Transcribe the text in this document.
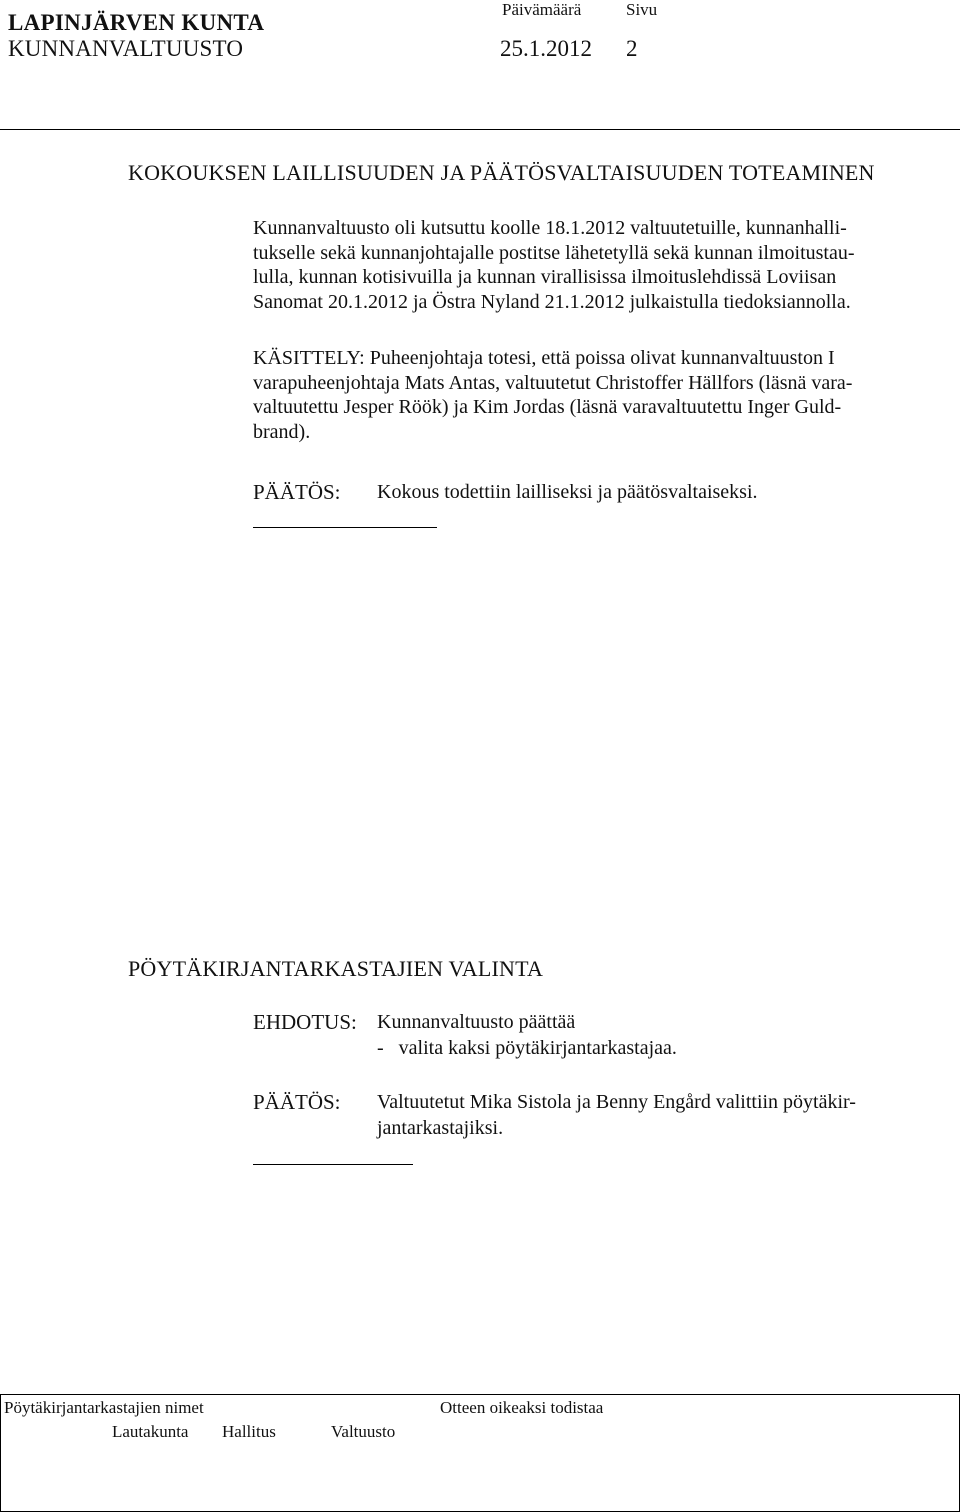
LAPINJÄRVEN KUNTA
KUNNANVALTUUSTO
Päivämäärä
25.1.2012
Sivu
2
KOKOUKSEN LAILLISUUDEN JA PÄÄTÖSVALTAISUUDEN TOTEAMINEN
Kunnanvaltuusto oli kutsuttu koolle 18.1.2012 valtuutetuille, kunnanhalli-
tukselle sekä kunnanjohtajalle postitse lähetetyllä sekä kunnan ilmoitustau-
lulla, kunnan kotisivuilla ja kunnan virallisissa ilmoituslehdissä Loviisan
Sanomat 20.1.2012 ja Östra Nyland 21.1.2012 julkaistulla tiedoksiannolla.
KÄSITTELY: Puheenjohtaja totesi, että poissa olivat kunnanvaltuuston I
varapuheenjohtaja Mats Antas, valtuutetut Christoffer Hällfors (läsnä vara-
valtuutettu Jesper Röök) ja Kim Jordas (läsnä varavaltuutettu Inger Guld-
brand).
PÄÄTÖS: Kokous todettiin lailliseksi ja päätösvaltaiseksi.
PÖYTÄKIRJANTARKASTAJIEN VALINTA
EHDOTUS: Kunnanvaltuusto päättää
-   valita kaksi pöytäkirjantarkastajaa.
PÄÄTÖS: Valtuutetut Mika Sistola ja Benny Engård valittiin pöytäkir-
jantarkastajiksi.
Pöytäkirjantarkastajien nimet	Otteen oikeaksi todistaa
Lautakunta Hallitus	Valtuusto
